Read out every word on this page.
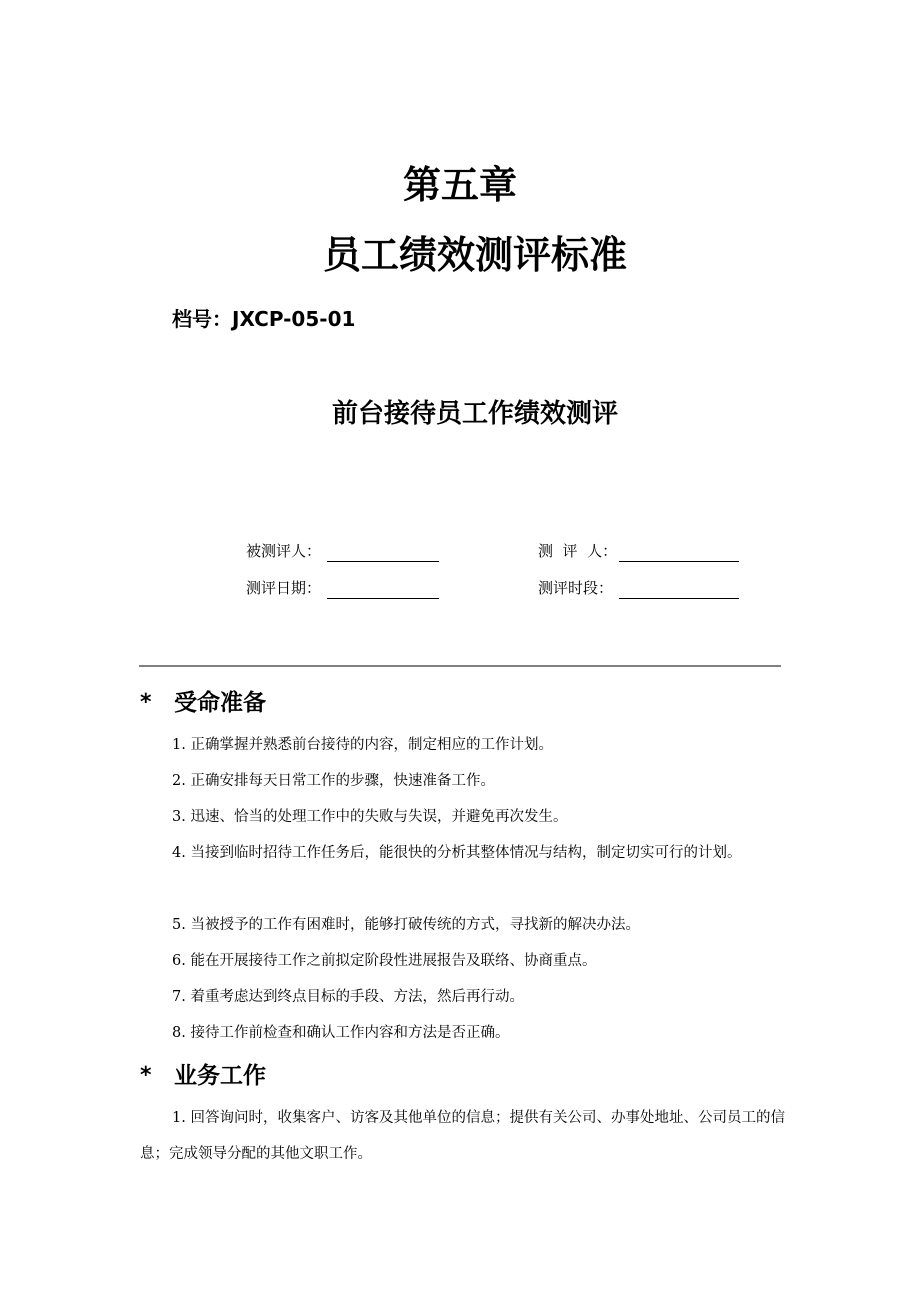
第五章
员工绩效测评标准
档号：JXCP-05-01
前台接待员工作绩效测评
被测评人：	测  评  人：
测评日期：	测评时段：
* 受命准备
1. 正确掌握并熟悉前台接待的内容，制定相应的工作计划。
2. 正确安排每天日常工作的步骤，快速准备工作。
3. 迅速、恰当的处理工作中的失败与失误，并避免再次发生。
4. 当接到临时招待工作任务后，能很快的分析其整体情况与结构，制定切实可行的计划。
5. 当被授予的工作有困难时，能够打破传统的方式，寻找新的解决办法。
6. 能在开展接待工作之前拟定阶段性进展报告及联络、协商重点。
7. 着重考虑达到终点目标的手段、方法，然后再行动。
8. 接待工作前检查和确认工作内容和方法是否正确。
* 业务工作
1. 回答询问时，收集客户、访客及其他单位的信息；提供有关公司、办事处地址、公司员工的信息；完成领导分配的其他文职工作。
